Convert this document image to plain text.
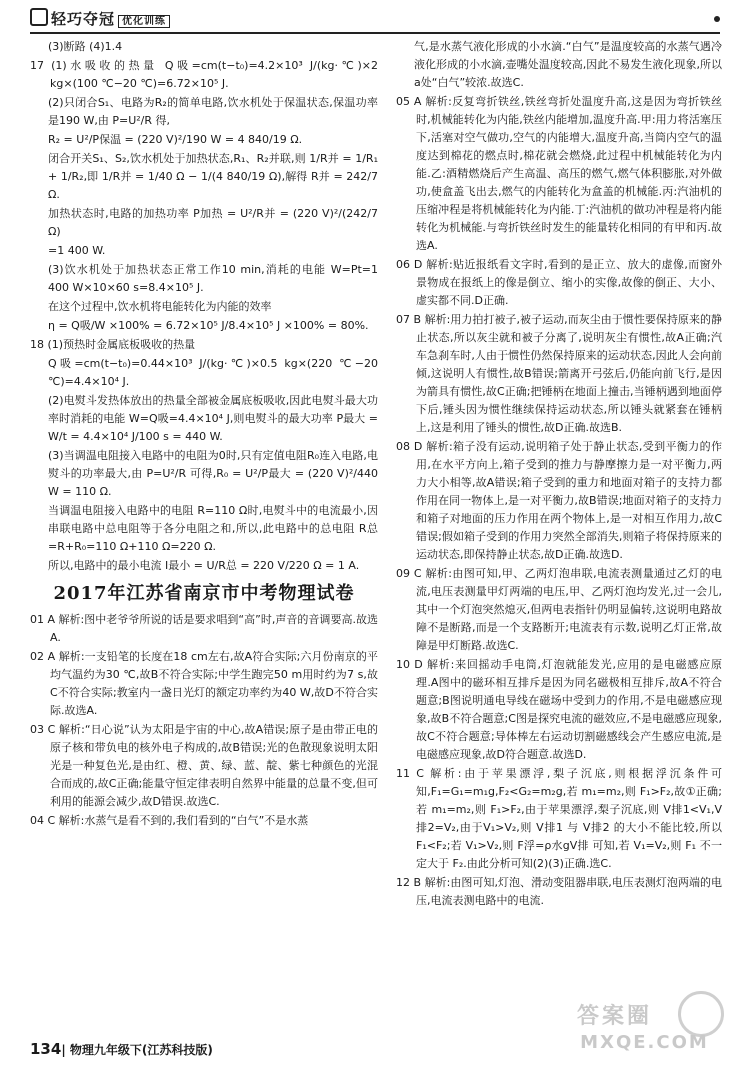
轻巧夺冠 优化训练

(3)断路 (4)1.4

17 (1)水吸收的热量 Q吸=cm(t−t₀)=4.2×10³ J/(kg·℃)×2 kg×(100 ℃−20 ℃)=6.72×10⁵ J.

(2)只闭合S₁、电路为R₂的简单电路,饮水机处于保温状态,保温功率是190 W,由 P=U²/R 得,

R₂ = U²/P保温 = (220 V)²/190 W = 4 840/19 Ω.

闭合开关S₁、S₂,饮水机处于加热状态,R₁、R₂并联,则 1/R并 = 1/R₁ + 1/R₂,即 1/R并 = 1/40 Ω − 1/(4 840/19 Ω),解得 R并 = 242/7 Ω.

加热状态时,电路的加热功率 P加热 = U²/R并 = (220 V)²/(242/7 Ω)

=1 400 W.

(3)饮水机处于加热状态正常工作10 min,消耗的电能 W=Pt=1 400 W×10×60 s=8.4×10⁵ J.

在这个过程中,饮水机将电能转化为内能的效率

η = Q吸/W ×100% = 6.72×10⁵ J/8.4×10⁵ J ×100% = 80%.

18 (1)预热时金属底板吸收的热量

Q吸=cm(t−t₀)=0.44×10³ J/(kg·℃)×0.5 kg×(220 ℃−20 ℃)=4.4×10⁴ J.

(2)电熨斗发热体放出的热量全部被金属底板吸收,因此电熨斗最大功率时消耗的电能 W=Q吸=4.4×10⁴ J,则电熨斗的最大功率 P最大 = W/t = 4.4×10⁴ J/100 s = 440 W.

(3)当调温电阻接入电路中的电阻为0时,只有定值电阻R₀连入电路,电熨斗的功率最大,由 P=U²/R 可得,R₀ = U²/P最大 = (220 V)²/440 W = 110 Ω.

当调温电阻接入电路中的电阻 R=110 Ω时,电熨斗中的电流最小,因串联电路中总电阻等于各分电阻之和,所以,此电路中的总电阻 R总=R+R₀=110 Ω+110 Ω=220 Ω.

所以,电路中的最小电流 I最小 = U/R总 = 220 V/220 Ω = 1 A.

2017年江苏省南京市中考物理试卷

01 A 解析:图中老爷爷所说的话是要求唱到“高”时,声音的音调要高.故选A.

02 A 解析:一支铅笔的长度在18 cm左右,故A符合实际;六月份南京的平均气温约为30 ℃,故B不符合实际;中学生跑完50 m用时约为7 s,故C不符合实际;教室内一盏日光灯的额定功率约为40 W,故D不符合实际.故选A.

03 C 解析:“日心说”认为太阳是宇宙的中心,故A错误;原子是由带正电的原子核和带负电的核外电子构成的,故B错误;光的色散现象说明太阳光是一种复色光,是由红、橙、黄、绿、蓝、靛、紫七种颜色的光混合而成的,故C正确;能量守恒定律表明自然界中能量的总量不变,但可利用的能源会减少,故D错误.故选C.

04 C 解析:水蒸气是看不到的,我们看到的“白气”不是水蒸

气,是水蒸气液化形成的小水滴.“白气”是温度较高的水蒸气遇冷液化形成的小水滴,壶嘴处温度较高,因此不易发生液化现象,所以a处“白气”较浓.故选C.

05 A 解析:反复弯折铁丝,铁丝弯折处温度升高,这是因为弯折铁丝时,机械能转化为内能,铁丝内能增加,温度升高.甲:用力将活塞压下,活塞对空气做功,空气的内能增大,温度升高,当筒内空气的温度达到棉花的燃点时,棉花就会燃烧,此过程中机械能转化为内能.乙:酒精燃烧后产生高温、高压的燃气,燃气体积膨胀,对外做功,使盒盖飞出去,燃气的内能转化为盒盖的机械能.丙:汽油机的压缩冲程是将机械能转化为内能.丁:汽油机的做功冲程是将内能转化为机械能.与弯折铁丝时发生的能量转化相同的有甲和丙.故选A.

06 D 解析:贴近报纸看文字时,看到的是正立、放大的虚像,而窗外景物成在报纸上的像是倒立、缩小的实像,故像的倒正、大小、虚实都不同.D正确.

07 B 解析:用力拍打被子,被子运动,而灰尘由于惯性要保持原来的静止状态,所以灰尘就和被子分离了,说明灰尘有惯性,故A正确;汽车急刹车时,人由于惯性仍然保持原来的运动状态,因此人会向前倾,这说明人有惯性,故B错误;箭离开弓弦后,仍能向前飞行,是因为箭具有惯性,故C正确;把锤柄在地面上撞击,当锤柄遇到地面停下后,锤头因为惯性继续保持运动状态,所以锤头就紧套在锤柄上,这是利用了锤头的惯性,故D正确.故选B.

08 D 解析:箱子没有运动,说明箱子处于静止状态,受到平衡力的作用,在水平方向上,箱子受到的推力与静摩擦力是一对平衡力,两力大小相等,故A错误;箱子受到的重力和地面对箱子的支持力都作用在同一物体上,是一对平衡力,故B错误;地面对箱子的支持力和箱子对地面的压力作用在两个物体上,是一对相互作用力,故C错误;假如箱子受到的作用力突然全部消失,则箱子将保持原来的运动状态,即保持静止状态,故D正确.故选D.

09 C 解析:由图可知,甲、乙两灯泡串联,电流表测量通过乙灯的电流,电压表测量甲灯两端的电压,甲、乙两灯泡均发光,过一会儿,其中一个灯泡突然熄灭,但两电表指针仍明显偏转,这说明电路故障不是断路,而是一个支路断开;电流表有示数,说明乙灯正常,故障是甲灯断路.故选C.

10 D 解析:来回摇动手电筒,灯泡就能发光,应用的是电磁感应原理.A图中的磁环相互排斥是因为同名磁极相互排斥,故A不符合题意;B图说明通电导线在磁场中受到力的作用,不是电磁感应现象,故B不符合题意;C图是探究电流的磁效应,不是电磁感应现象,故C不符合题意;导体棒左右运动切割磁感线会产生感应电流,是电磁感应现象,故D符合题意.故选D.

11 C 解析:由于苹果漂浮,梨子沉底,则根据浮沉条件可知,F₁=G₁=m₁g,F₂<G₂=m₂g,若 m₁=m₂,则 F₁>F₂,故①正确;若 m₁=m₂,则 F₁>F₂,由于苹果漂浮,梨子沉底,则 V排1<V₁,V排2=V₂,由于V₁>V₂,则 V排1 与 V排2 的大小不能比较,所以F₁<F₂;若 V₁>V₂,则 F浮=ρ水gV排 可知,若 V₁=V₂,则 F₁ 不一定大于 F₂.由此分析可知(2)(3)正确.选C.

12 B 解析:由图可知,灯泡、滑动变阻器串联,电压表测灯泡两端的电压,电流表测电路中的电流.

134| 物理九年级下(江苏科技版)
答案圈
MXQE.COM
